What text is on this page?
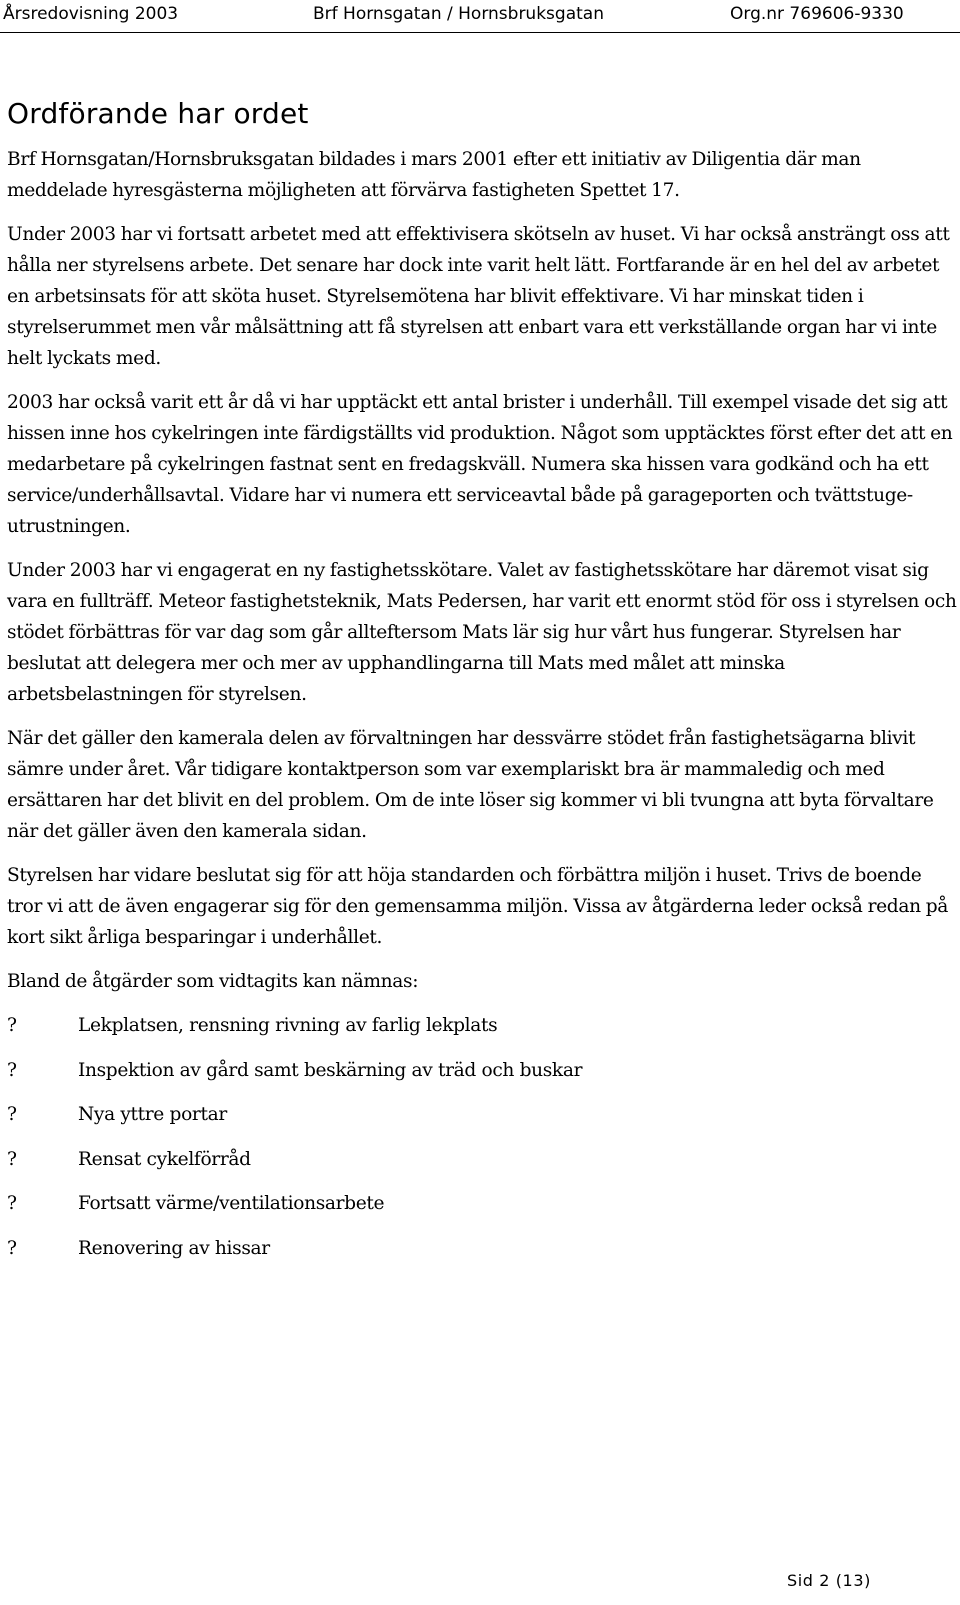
Årsredovisning 2003	Brf Hornsgatan / Hornsbruksgatan	Org.nr 769606-9330
Ordförande har ordet

Brf Hornsgatan/Hornsbruksgatan bildades i mars 2001 efter ett initiativ av Diligentia där man meddelade hyresgästerna möjligheten att förvärva fastigheten Spettet 17.

Under 2003 har vi fortsatt arbetet med att effektivisera skötseln av huset. Vi har också ansträngt oss att hålla ner styrelsens arbete. Det senare har dock inte varit helt lätt. Fortfarande är en hel del av arbetet en arbetsinsats för att sköta huset. Styrelsemötena har blivit effektivare. Vi har minskat tiden i styrelserummet men vår målsättning att få styrelsen att enbart vara ett verkställande organ har vi inte helt lyckats med.

2003 har också varit ett år då vi har upptäckt ett antal brister i underhåll. Till exempel visade det sig att hissen inne hos cykelringen inte färdigställts vid produktion. Något som upptäcktes först efter det att en medarbetare på cykelringen fastnat sent en fredagskväll. Numera ska hissen vara godkänd och ha ett service/underhållsavtal. Vidare har vi numera ett serviceavtal både på garageporten och tvättstuge-utrustningen.

Under 2003 har vi engagerat en ny fastighetsskötare. Valet av fastighetsskötare har däremot visat sig vara en fullträff. Meteor fastighetsteknik, Mats Pedersen, har varit ett enormt stöd för oss i styrelsen och stödet förbättras för var dag som går allteftersom Mats lär sig hur vårt hus fungerar. Styrelsen har beslutat att delegera mer och mer av upphandlingarna till Mats med målet att minska arbetsbelastningen för styrelsen.

När det gäller den kamerala delen av förvaltningen har dessvärre stödet från fastighetsägarna blivit sämre under året. Vår tidigare kontaktperson som var exemplariskt bra är mammaledig och med ersättaren har det blivit en del problem. Om de inte löser sig kommer vi bli tvungna att byta förvaltare när det gäller även den kamerala sidan.

Styrelsen har vidare beslutat sig för att höja standarden och förbättra miljön i huset. Trivs de boende tror vi att de även engagerar sig för den gemensamma miljön. Vissa av åtgärderna leder också redan på kort sikt årliga besparingar i underhållet.

Bland de åtgärder som vidtagits kan nämnas:

?	Lekplatsen, rensning rivning av farlig lekplats
?	Inspektion av gård samt beskärning av träd och buskar
?	Nya yttre portar
?	Rensat cykelförråd
?	Fortsatt värme/ventilationsarbete
?	Renovering av hissar
Sid 2 (13)
